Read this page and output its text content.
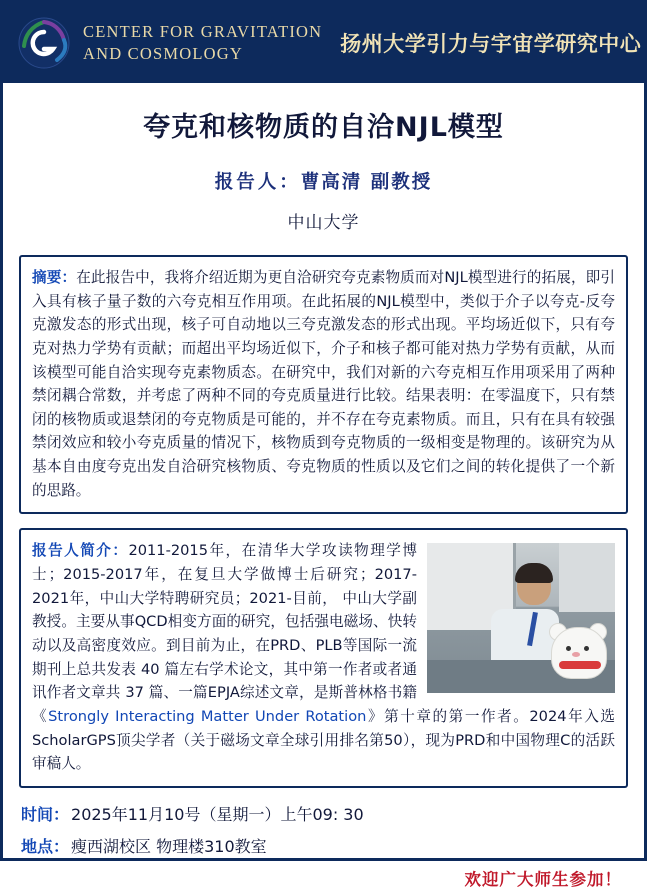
CENTER FOR GRAVITATION
AND COSMOLOGY	扬州大学引力与宇宙学研究中心
夸克和核物质的自洽NJL模型
报告人：曹高清 副教授
中山大学
摘要：在此报告中，我将介绍近期为更自洽研究夸克素物质而对NJL模型进行的拓展，即引入具有核子量子数的六夸克相互作用项。在此拓展的NJL模型中，类似于介子以夸克-反夸克激发态的形式出现，核子可自动地以三夸克激发态的形式出现。平均场近似下，只有夸克对热力学势有贡献；而超出平均场近似下，介子和核子都可能对热力学势有贡献，从而该模型可能自洽实现夸克素物质态。在研究中，我们对新的六夸克相互作用项采用了两种禁闭耦合常数，并考虑了两种不同的夸克质量进行比较。结果表明：在零温度下，只有禁闭的核物质或退禁闭的夸克物质是可能的，并不存在夸克素物质。而且，只有在具有较强禁闭效应和较小夸克质量的情况下，核物质到夸克物质的一级相变是物理的。该研究为从基本自由度夸克出发自洽研究核物质、夸克物质的性质以及它们之间的转化提供了一个新的思路。
报告人简介：2011-2015年，在清华大学攻读物理学博士；2015-2017年，在复旦大学做博士后研究；2017-2021年，中山大学特聘研究员；2021-目前， 中山大学副教授。主要从事QCD相变方面的研究，包括强电磁场、快转动以及高密度效应。到目前为止，在PRD、PLB等国际一流期刊上总共发表 40 篇左右学术论文，其中第一作者或者通讯作者文章共 37 篇、一篇EPJA综述文章，是斯普林格书籍《Strongly Interacting Matter Under Rotation》第十章的第一作者。2024年入选ScholarGPS顶尖学者（关于磁场文章全球引用排名第50），现为PRD和中国物理C的活跃审稿人。
时间： 2025年11月10号（星期一）上午09: 30
地点： 瘦西湖校区 物理楼310教室
欢迎广大师生参加！
